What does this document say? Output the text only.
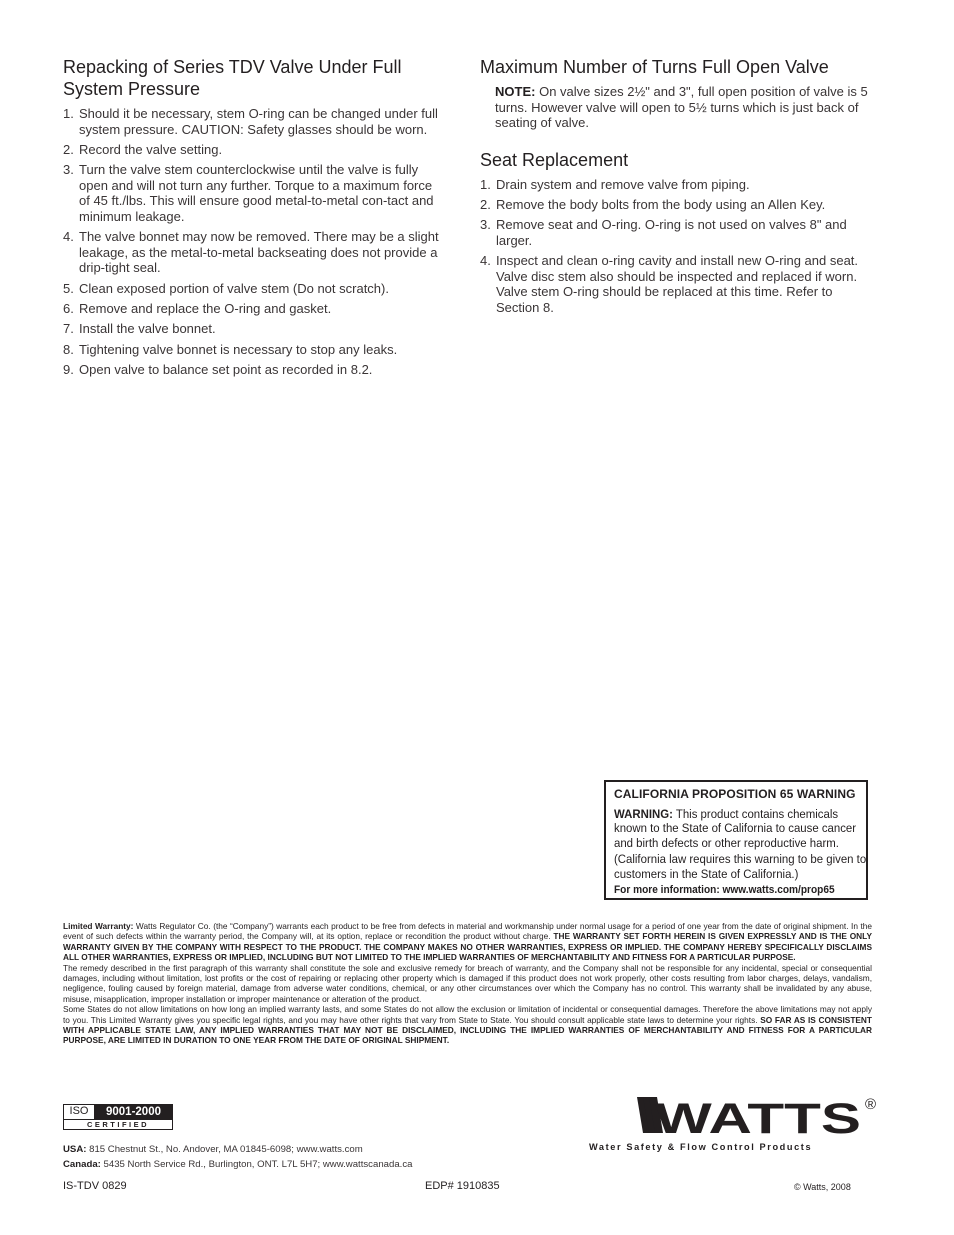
Repacking of Series TDV Valve Under Full System Pressure
1. Should it be necessary, stem O-ring can be changed under full system pressure. CAUTION: Safety glasses should be worn.
2. Record the valve setting.
3. Turn the valve stem counterclockwise until the valve is fully open and will not turn any further. Torque to a maximum force of 45 ft./lbs. This will ensure good metal-to-metal con-tact and minimum leakage.
4. The valve bonnet may now be removed. There may be a slight leakage, as the metal-to-metal backseating does not provide a drip-tight seal.
5. Clean exposed portion of valve stem (Do not scratch).
6. Remove and replace the O-ring and gasket.
7. Install the valve bonnet.
8. Tightening valve bonnet is necessary to stop any leaks.
9. Open valve to balance set point as recorded in 8.2.
Maximum Number of Turns Full Open Valve
NOTE: On valve sizes 2½" and 3", full open position of valve is 5 turns. However valve will open to 5½ turns which is just back of seating of valve.
Seat Replacement
1. Drain system and remove valve from piping.
2. Remove the body bolts from the body using an Allen Key.
3. Remove seat and O-ring. O-ring is not used on valves 8" and larger.
4. Inspect and clean o-ring cavity and install new O-ring and seat. Valve disc stem also should be inspected and replaced if worn. Valve stem O-ring should be replaced at this time. Refer to Section 8.
CALIFORNIA PROPOSITION 65 WARNING
WARNING: This product contains chemicals known to the State of California to cause cancer and birth defects or other reproductive harm.
(California law requires this warning to be given to customers in the State of California.)
For more information: www.watts.com/prop65

Limited Warranty: Watts Regulator Co. (the “Company”) warrants each product to be free from defects in material and workmanship under normal usage for a period of one year from the date of original shipment. In the event of such defects within the warranty period, the Company will, at its option, replace or recondition the product without charge. THE WARRANTY SET FORTH HEREIN IS GIVEN EXPRESSLY AND IS THE ONLY WARRANTY GIVEN BY THE COMPANY WITH RESPECT TO THE PRODUCT. THE COMPANY MAKES NO OTHER WARRANTIES, EXPRESS OR IMPLIED. THE COMPANY HEREBY SPECIFICALLY DISCLAIMS ALL OTHER WARRANTIES, EXPRESS OR IMPLIED, INCLUDING BUT NOT LIMITED TO THE IMPLIED WARRANTIES OF MERCHANTABILITY AND FITNESS FOR A PARTICULAR PURPOSE.

The remedy described in the first paragraph of this warranty shall constitute the sole and exclusive remedy for breach of warranty, and the Company shall not be responsible for any incidental, special or consequential damages, including without limitation, lost profits or the cost of repairing or replacing other property which is damaged if this product does not work properly, other costs resulting from labor charges, delays, vandalism, negligence, fouling caused by foreign material, damage from adverse water conditions, chemical, or any other circumstances over which the Company has no control. This warranty shall be invalidated by any abuse, misuse, misapplication, improper installation or improper maintenance or alteration of the product.

Some States do not allow limitations on how long an implied warranty lasts, and some States do not allow the exclusion or limitation of incidental or consequential damages. Therefore the above limitations may not apply to you. This Limited Warranty gives you specific legal rights, and you may have other rights that vary from State to State. You should consult applicable state laws to determine your rights. SO FAR AS IS CONSISTENT WITH APPLICABLE STATE LAW, ANY IMPLIED WARRANTIES THAT MAY NOT BE DISCLAIMED, INCLUDING THE IMPLIED WARRANTIES OF MERCHANTABILITY AND FITNESS FOR A PARTICULAR PURPOSE, ARE LIMITED IN DURATION TO ONE YEAR FROM THE DATE OF ORIGINAL SHIPMENT.

ISO	9001-2000
CERTIFIED
USA: 815 Chestnut St., No. Andover, MA 01845-6098; www.watts.com
Canada: 5435 North Service Rd., Burlington, ONT. L7L 5H7; www.wattscanada.ca
WATTS ®
Water Safety & Flow Control Products
IS-TDV 0829	EDP# 1910835	© Watts, 2008
